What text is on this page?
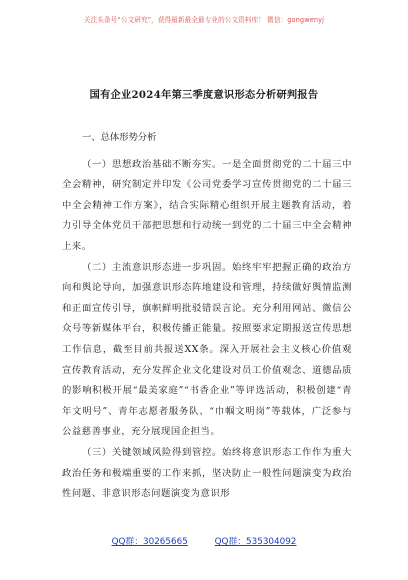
关注头条号“公文研究”，获得最新最全最专业的公文资料库！ 微信：gongwenyj
国有企业2024年第三季度意识形态分析研判报告
一、总体形势分析

（一）思想政治基础不断夯实。一是全面贯彻党的二十届三中全会精神，研究制定并印发《公司党委学习宣传贯彻党的二十届三中全会精神工作方案》，结合实际精心组织开展主题教育活动，着力引导全体党员干部把思想和行动统一到党的二十届三中全会精神上来。

（二）主流意识形态进一步巩固。始终牢牢把握正确的政治方向和舆论导向，加强意识形态阵地建设和管理，持续做好舆情监测和正面宣传引导，旗帜鲜明批驳错误言论。充分利用网站、微信公众号等新媒体平台，积极传播正能量。按照要求定期报送宣传思想工作信息，截至目前共报送XX条。深入开展社会主义核心价值观宣传教育活动，充分发挥企业文化建设对员工价值观念、道德品质的影响积极开展“最美家庭”“书香企业”等评选活动，积极创建“青年文明号”、青年志愿者服务队、“巾帼文明岗”等载体，广泛参与公益慈善事业，充分展现国企担当。

（三）关键领域风险得到管控。始终将意识形态工作作为重大政治任务和极端重要的工作来抓，坚决防止一般性问题演变为政治性问题、非意识形态问题演变为意识形

QQ群：30265665	QQ群：535304092
